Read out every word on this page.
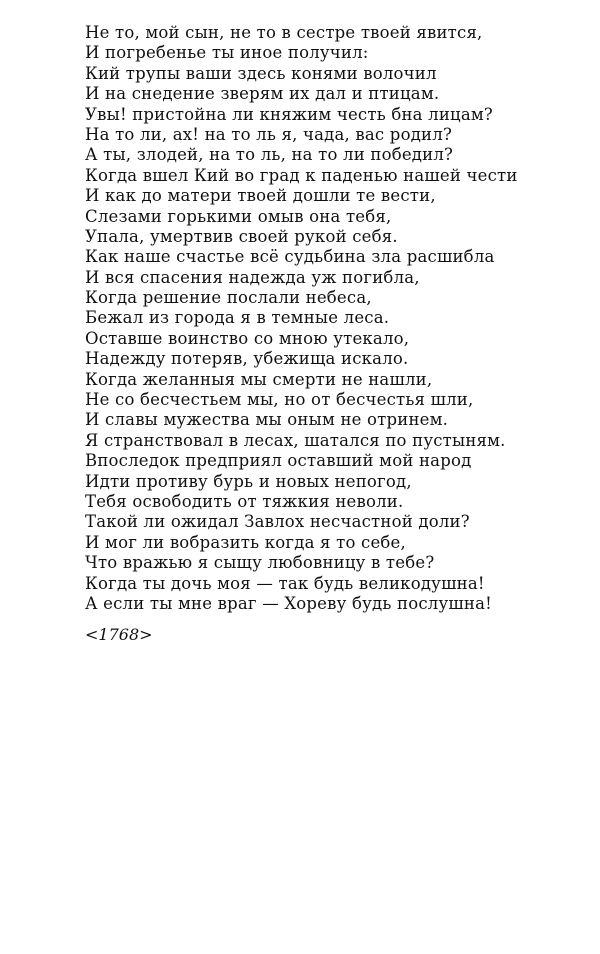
Не то, мой сын, не то в сестре твоей явится,
И погребенье ты иное получил:
Кий трупы ваши здесь конями волочил
И на снедение зверям их дал и птицам.
Увы! пристойна ли княжим честь бна лицам?
На то ли, ах! на то ль я, чада, вас родил?
А ты, злодей, на то ль, на то ли победил?
Когда вшел Кий во град к паденью нашей чести
И как до матери твоей дошли те вести,
Слезами горькими омыв она тебя,
Упала, умертвив своей рукой себя.
Как наше счастье всё судьбина зла расшибла
И вся спасения надежда уж погибла,
Когда решение послали небеса,
Бежал из города я в темные леса.
Оставше воинство со мною утекало,
Надежду потеряв, убежища искало.
Когда желанныя мы смерти не нашли,
Не со бесчестьем мы, но от бесчестья шли,
И славы мужества мы оным не отринем.
Я странствовал в лесах, шатался по пустыням.
Впоследок предприял оставший мой народ
Идти противу бурь и новых непогод,
Тебя освободить от тяжкия неволи.
Такой ли ожидал Завлох несчастной доли?
И мог ли вобразить когда я то себе,
Что вражью я сыщу любовницу в тебе?
Когда ты дочь моя — так будь великодушна!
А если ты мне враг — Хореву будь послушна!
<1768>
